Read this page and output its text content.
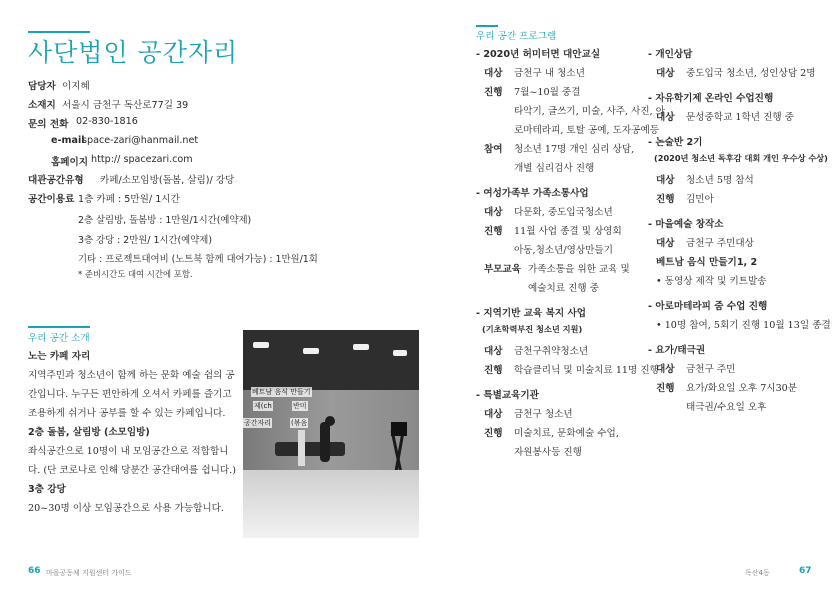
사단법인 공간자리
담당자 이지혜
소재지 서울시 금천구 독산로77길 39
문의 전화 02-830-1816
e-mail
space-zari@hanmail.net
홈페이지 http:// spacezari.com
대관공간유형 카페/소모임방(돌봄, 살림)/ 강당
공간이용료 1층 카페 : 5만원/ 1시간
2층 살림방, 돌봄방 : 1만원/1시간(예약제)
3층 강당 : 2만원/ 1시간(예약제)
기타 : 프로젝트대여비 (노트북 함께 대여가능) : 1만원/1회
* 준비시간도 대여 시간에 포함.
우리 공간 소개
노는 카페 자리
지역주민과 청소년이 함께 하는 문화 예술 쉼의 공
간입니다. 누구든 편안하게 오셔서 카페를 즐기고
조용하게 쉬거나 공부를 할 수 있는 카페입니다.
2층 돌봄, 살림방 (소모임방)
좌식공간으로 10명이 내 모임공간으로 적합합니
다. (단 코로나로 인해 당분간 공간대여를 쉽니다.)
3층 강당
20~30명 이상 모임공간으로 사용 가능합니다.
베트남 음식 만들기
제(ch	반미
공간자리	(볶음
66 마을공동체 지원센터 가이드
우리 공간 프로그램
- 2020년 허미터면 대안교실
대상 금천구 내 청소년
진행 7월~10월 중결
타악기, 글쓰기, 미술, 사주, 사진, 아
로마테라피, 토탈 공예, 도자공예등
참여 청소년 17명 개인 심리 상담,
개별 심리검사 진행
- 여성가족부 가족소통사업
대상 다문화, 중도입국청소년
진행 11월 사업 종결 및 상영회
아동,청소년/영상만들기
부모교육 가족소통을 위한 교육 및
예술치료 진행 중
- 지역기반 교육 복지 사업
(기초학력부진 청소년 지원)
대상 금천구취약청소년
진행 학습클리닉 및 미술치료 11명 진행
- 특별교육기관
대상 금천구 청소년
진행 미술치료, 문화예술 수업,
자원봉사등 진행
- 개인상담
대상 중도입국 청소년, 성인상담 2명
- 자유학기제 온라인 수업진행
대상 문성중학교 1학년 진행 중
- 논술반 2기
(2020년 청소년 독후감 대회 개인 우수상 수상)
대상 청소년 5명 참석
진행 김민아
- 마을예술 창작소
대상 금천구 주민대상
베트남 음식 만들기1, 2
• 동영상 제작 및 키트발송
- 아로마테라피 줌 수업 진행
• 10명 참여, 5회기 진행 10월 13일 종결
- 요가/태극권
대상 금천구 주민
진행 요가/화요일 오후 7시30분
태극권/수요일 오후
독산4동	67
